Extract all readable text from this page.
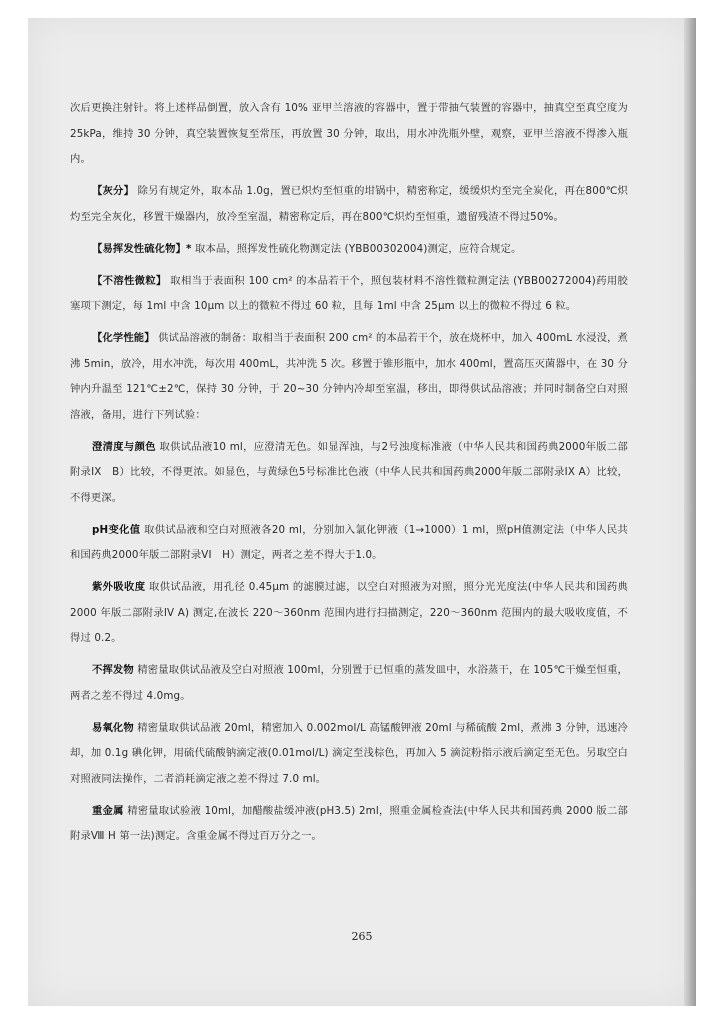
次后更换注射针。将上述样品倒置，放入含有 10% 亚甲兰溶液的容器中，置于带抽气装置的容器中，抽真空至真空度为 25kPa，维持 30 分钟，真空装置恢复至常压，再放置 30 分钟，取出，用水冲洗瓶外壁，观察，亚甲兰溶液不得渗入瓶内。

【灰分】 除另有规定外，取本品 1.0g，置已炽灼至恒重的坩锅中，精密称定，缓缓炽灼至完全炭化，再在800℃炽灼至完全灰化，移置干燥器内，放冷至室温，精密称定后，再在800℃炽灼至恒重，遗留残渣不得过50%。

【易挥发性硫化物】* 取本品，照挥发性硫化物测定法 (YBB00302004)测定，应符合规定。

【不溶性微粒】 取相当于表面积 100 cm² 的本品若干个，照包装材料不溶性微粒测定法 (YBB00272004)药用胶塞项下测定，每 1ml 中含 10μm 以上的微粒不得过 60 粒，且每 1ml 中含 25μm 以上的微粒不得过 6 粒。

【化学性能】 供试品溶液的制备：取相当于表面积 200 cm² 的本品若干个，放在烧杯中，加入 400mL 水浸没，煮沸 5min，放冷，用水冲洗，每次用 400mL，共冲洗 5 次。移置于锥形瓶中，加水 400ml，置高压灭菌器中，在 30 分钟内升温至 121℃±2℃，保持 30 分钟，于 20~30 分钟内冷却至室温，移出，即得供试品溶液；并同时制备空白对照溶液，备用，进行下列试验：

澄清度与颜色 取供试品液10 ml，应澄清无色。如显浑浊，与2号浊度标准液（中华人民共和国药典2000年版二部附录IX　B）比较，不得更浓。如显色，与黄绿色5号标准比色液（中华人民共和国药典2000年版二部附录IX A）比较，不得更深。

pH变化值 取供试品液和空白对照液各20 ml，分别加入氯化钾液（1→1000）1 ml，照pH值测定法（中华人民共和国药典2000年版二部附录VI　H）测定，两者之差不得大于1.0。

紫外吸收度 取供试品液，用孔径 0.45μm 的滤膜过滤，以空白对照液为对照，照分光光度法(中华人民共和国药典 2000 年版二部附录IV A) 测定,在波长 220～360nm 范围内进行扫描测定，220～360nm 范围内的最大吸收度值，不得过 0.2。

不挥发物 精密量取供试品液及空白对照液 100ml，分别置于已恒重的蒸发皿中，水浴蒸干，在 105℃干燥至恒重，两者之差不得过 4.0mg。

易氧化物 精密量取供试品液 20ml，精密加入 0.002mol/L 高锰酸钾液 20ml 与稀硫酸 2ml，煮沸 3 分钟，迅速冷却，加 0.1g 碘化钾，用硫代硫酸钠滴定液(0.01mol/L) 滴定至浅棕色，再加入 5 滴淀粉指示液后滴定至无色。另取空白对照液同法操作，二者消耗滴定液之差不得过 7.0 ml。

重金属 精密量取试验液 10ml，加醋酸盐缓冲液(pH3.5) 2ml，照重金属检查法(中华人民共和国药典 2000 版二部附录Ⅷ H 第一法)测定。含重金属不得过百万分之一。

265
